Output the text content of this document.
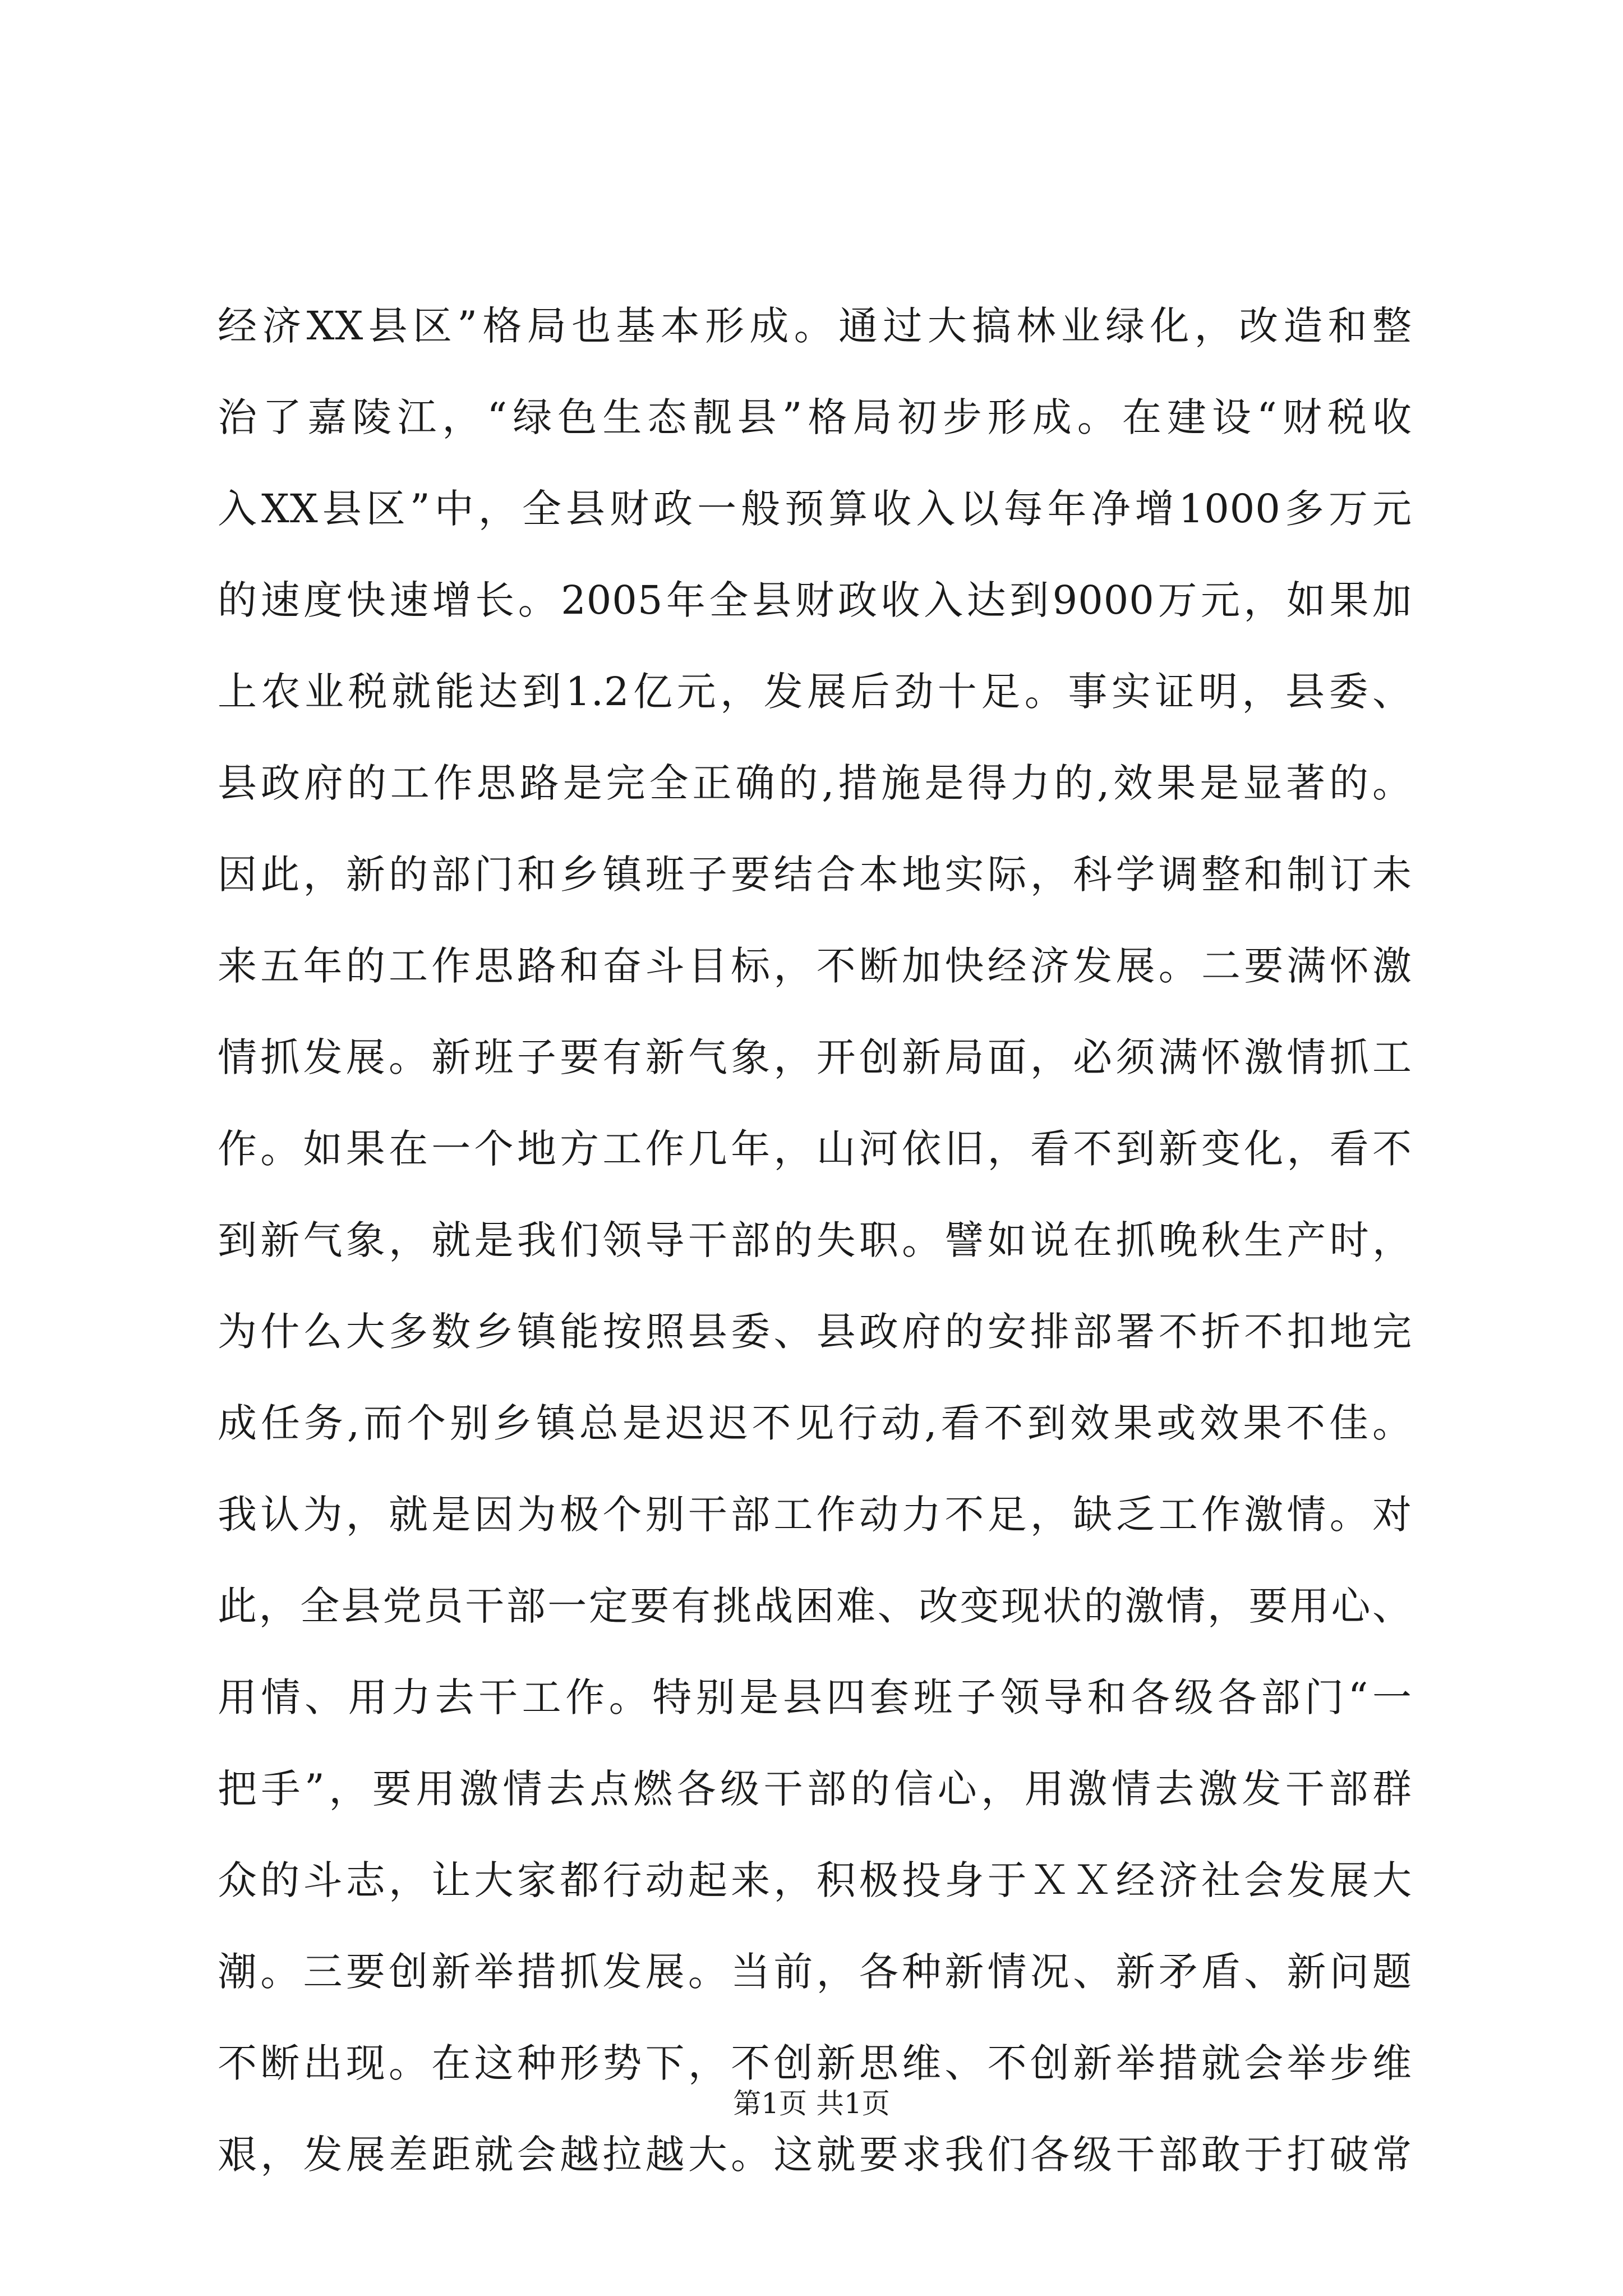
经济XX县区”格局也基本形成。通过大搞林业绿化，改造和整
治了嘉陵江，“绿色生态靓县”格局初步形成。在建设“财税收
入XX县区”中，全县财政一般预算收入以每年净增1000多万元
的速度快速增长。2005年全县财政收入达到9000万元，如果加
上农业税就能达到1.2亿元，发展后劲十足。事实证明，县委、
县政府的工作思路是完全正确的,措施是得力的,效果是显著的。
因此，新的部门和乡镇班子要结合本地实际，科学调整和制订未
来五年的工作思路和奋斗目标，不断加快经济发展。二要满怀激
情抓发展。新班子要有新气象，开创新局面，必须满怀激情抓工
作。如果在一个地方工作几年，山河依旧，看不到新变化，看不
到新气象，就是我们领导干部的失职。譬如说在抓晚秋生产时，
为什么大多数乡镇能按照县委、县政府的安排部署不折不扣地完
成任务,而个别乡镇总是迟迟不见行动,看不到效果或效果不佳。
我认为，就是因为极个别干部工作动力不足，缺乏工作激情。对
此，全县党员干部一定要有挑战困难、改变现状的激情，要用心、
用情、用力去干工作。特别是县四套班子领导和各级各部门“一
把手”，要用激情去点燃各级干部的信心，用激情去激发干部群
众的斗志，让大家都行动起来，积极投身于ＸＸ经济社会发展大
潮。三要创新举措抓发展。当前，各种新情况、新矛盾、新问题
不断出现。在这种形势下，不创新思维、不创新举措就会举步维
艰，发展差距就会越拉越大。这就要求我们各级干部敢于打破常
第1页 共1页
